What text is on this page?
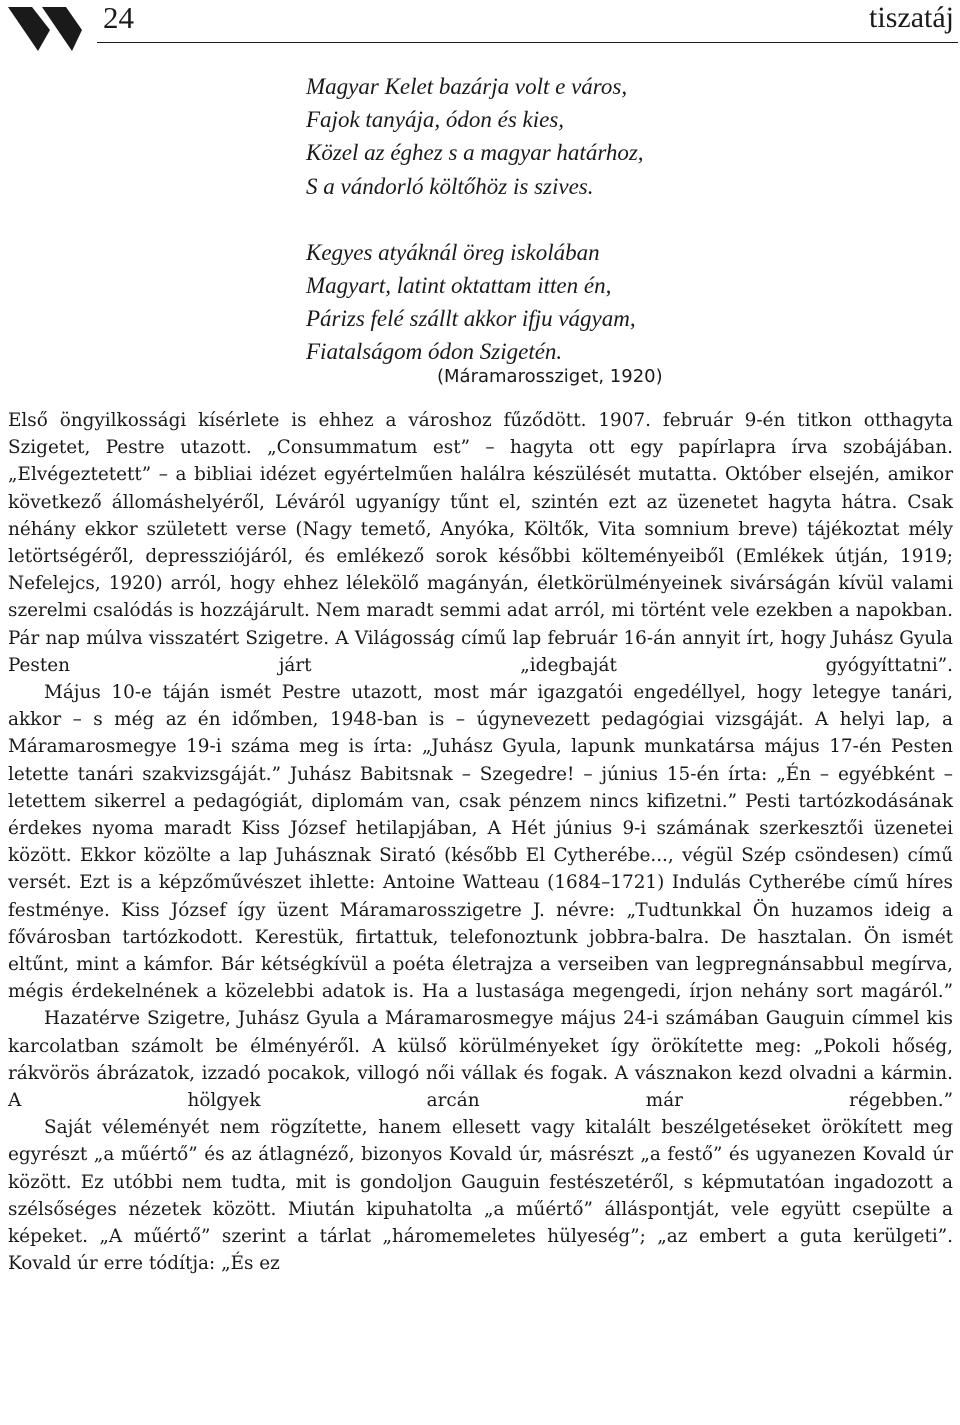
24	tiszatáj
Magyar Kelet bazárja volt e város,
Fajok tanyája, ódon és kies,
Közel az éghez s a magyar határhoz,
S a vándorló költőhöz is szives.
Kegyes atyáknál öreg iskolában
Magyart, latint oktattam itten én,
Párizs felé szállt akkor ifju vágyam,
Fiatalságom ódon Szigetén.
(Máramarossziget, 1920)

Első öngyilkossági kísérlete is ehhez a városhoz fűződött. 1907. február 9-én titkon otthagyta Szigetet, Pestre utazott. „Consummatum est” – hagyta ott egy papírlapra írva szobájában. „Elvégeztetett” – a bibliai idézet egyértelműen halálra készülését mutatta. Október elsején, amikor következő állomáshelyéről, Léváról ugyanígy tűnt el, szintén ezt az üzenetet hagyta hátra. Csak néhány ekkor született verse (Nagy temető, Anyóka, Költők, Vita somnium breve) tájékoztat mély letörtségéről, depressziójáról, és emlékező sorok későbbi költeményeiből (Emlékek útján, 1919; Nefelejcs, 1920) arról, hogy ehhez lélekölő magányán, életkörülményeinek sivárságán kívül valami szerelmi csalódás is hozzájárult. Nem maradt semmi adat arról, mi történt vele ezekben a napokban. Pár nap múlva visszatért Szigetre. A Világosság című lap február 16-án annyit írt, hogy Juhász Gyula Pesten járt „idegbaját gyógyíttatni”.

Május 10-e táján ismét Pestre utazott, most már igazgatói engedéllyel, hogy letegye tanári, akkor – s még az én időmben, 1948-ban is – úgynevezett pedagógiai vizsgáját. A helyi lap, a Máramarosmegye 19-i száma meg is írta: „Juhász Gyula, lapunk munkatársa május 17-én Pesten letette tanári szakvizsgáját.” Juhász Babitsnak – Szegedre! – június 15-én írta: „Én – egyébként – letettem sikerrel a pedagógiát, diplomám van, csak pénzem nincs kifizetni.” Pesti tartózkodásának érdekes nyoma maradt Kiss József hetilapjában, A Hét június 9-i számának szerkesztői üzenetei között. Ekkor közölte a lap Juhásznak Sirató (később El Cytherébe..., végül Szép csöndesen) című versét. Ezt is a képzőművészet ihlette: Antoine Watteau (1684–1721) Indulás Cytherébe című híres festménye. Kiss József így üzent Máramarosszigetre J. névre: „Tudtunkkal Ön huzamos ideig a fővárosban tartózkodott. Kerestük, firtattuk, telefonoztunk jobbra-balra. De hasztalan. Ön ismét eltűnt, mint a kámfor. Bár kétségkívül a poéta életrajza a verseiben van legpregnánsabbul megírva, mégis érdekelnének a közelebbi adatok is. Ha a lustasága megengedi, írjon nehány sort magáról.”

Hazatérve Szigetre, Juhász Gyula a Máramarosmegye május 24-i számában Gauguin címmel kis karcolatban számolt be élményéről. A külső körülményeket így örökítette meg: „Pokoli hőség, rákvörös ábrázatok, izzadó pocakok, villogó női vállak és fogak. A vásznakon kezd olvadni a kármin. A hölgyek arcán már régebben.”

Saját véleményét nem rögzítette, hanem ellesett vagy kitalált beszélgetéseket örökített meg egyrészt „a műértő” és az átlagnéző, bizonyos Kovald úr, másrészt „a festő” és ugyanezen Kovald úr között. Ez utóbbi nem tudta, mit is gondoljon Gauguin festészetéről, s képmutatóan ingadozott a szélsőséges nézetek között. Miután kipuhatolta „a műértő” álláspontját, vele együtt csepülte a képeket. „A műértő” szerint a tárlat „háromemeletes hülyeség”; „az embert a guta kerülgeti”. Kovald úr erre tódítja: „És ez
